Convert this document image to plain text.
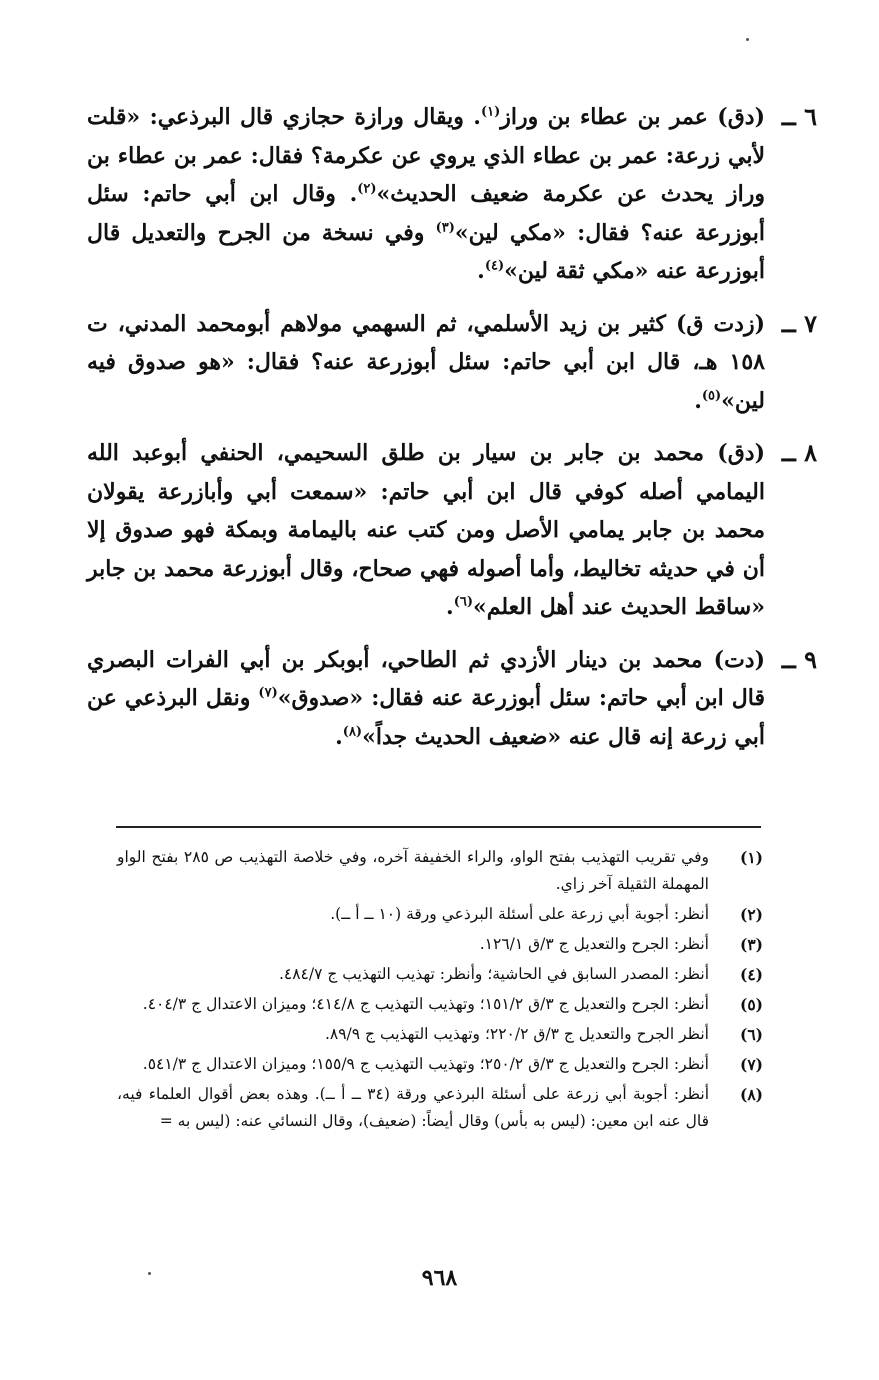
٦ ــ
(دق) عمر بن عطاء بن وراز$^{(١)}$. ويقال ورازة حجازي قال البرذعي: «قلت لأبي زرعة: عمر بن عطاء الذي يروي عن عكرمة؟ فقال: عمر بن عطاء بن وراز يحدث عن عكرمة ضعيف الحديث»$^{(٢)}$. وقال ابن أبي حاتم: سئل أبوزرعة عنه؟ فقال: «مكي لين»$^{(٣)}$ وفي نسخة من الجرح والتعديل قال أبوزرعة عنه «مكي ثقة لين»$^{(٤)}$.
٧ ــ
(زدت ق) كثير بن زيد الأسلمي، ثم السهمي مولاهم أبومحمد المدني، ت ١٥٨ هـ، قال ابن أبي حاتم: سئل أبوزرعة عنه؟ فقال: «هو صدوق فيه لين»$^{(٥)}$.
٨ ــ
(دق) محمد بن جابر بن سيار بن طلق السحيمي، الحنفي أبوعبد الله اليمامي أصله كوفي قال ابن أبي حاتم: «سمعت أبي وأبازرعة يقولان محمد بن جابر يمامي الأصل ومن كتب عنه باليمامة وبمكة فهو صدوق إلا أن في حديثه تخاليط، وأما أصوله فهي صحاح، وقال أبوزرعة محمد بن جابر «ساقط الحديث عند أهل العلم»$^{(٦)}$.
٩ ــ
(دت) محمد بن دينار الأزدي ثم الطاحي، أبوبكر بن أبي الفرات البصري قال ابن أبي حاتم: سئل أبوزرعة عنه فقال: «صدوق»$^{(٧)}$ ونقل البرذعي عن أبي زرعة إنه قال عنه «ضعيف الحديث جداً»$^{(٨)}$.
(١)
وفي تقريب التهذيب بفتح الواو، والراء الخفيفة آخره، وفي خلاصة التهذيب ص ٢٨٥ بفتح الواو المهملة الثقيلة آخر زاي.
(٢)
أنظر: أجوبة أبي زرعة على أسئلة البرذعي ورقة (١٠ ــ أ ــ).
(٣)
أنظر: الجرح والتعديل ج ٣/ق ١٢٦/١.
(٤)
أنظر: المصدر السابق في الحاشية؛ وأنظر: تهذيب التهذيب ج ٤٨٤/٧.
(٥)
أنظر: الجرح والتعديل ج ٣/ق ١٥١/٢؛ وتهذيب التهذيب ج ٤١٤/٨؛ وميزان الاعتدال ج ٤٠٤/٣.
(٦)
أنظر الجرح والتعديل ج ٣/ق ٢٢٠/٢؛ وتهذيب التهذيب ج ٨٩/٩.
(٧)
أنظر: الجرح والتعديل ج ٣/ق ٢٥٠/٢؛ وتهذيب التهذيب ج ١٥٥/٩؛ وميزان الاعتدال ج ٥٤١/٣.
(٨)
أنظر: أجوبة أبي زرعة على أسئلة البرذعي ورقة (٣٤ ــ أ ــ). وهذه بعض أقوال العلماء فيه، قال عنه ابن معين: (ليس به بأس) وقال أيضاً: (ضعيف)، وقال النسائي عنه: (ليس به =
٩٦٨
